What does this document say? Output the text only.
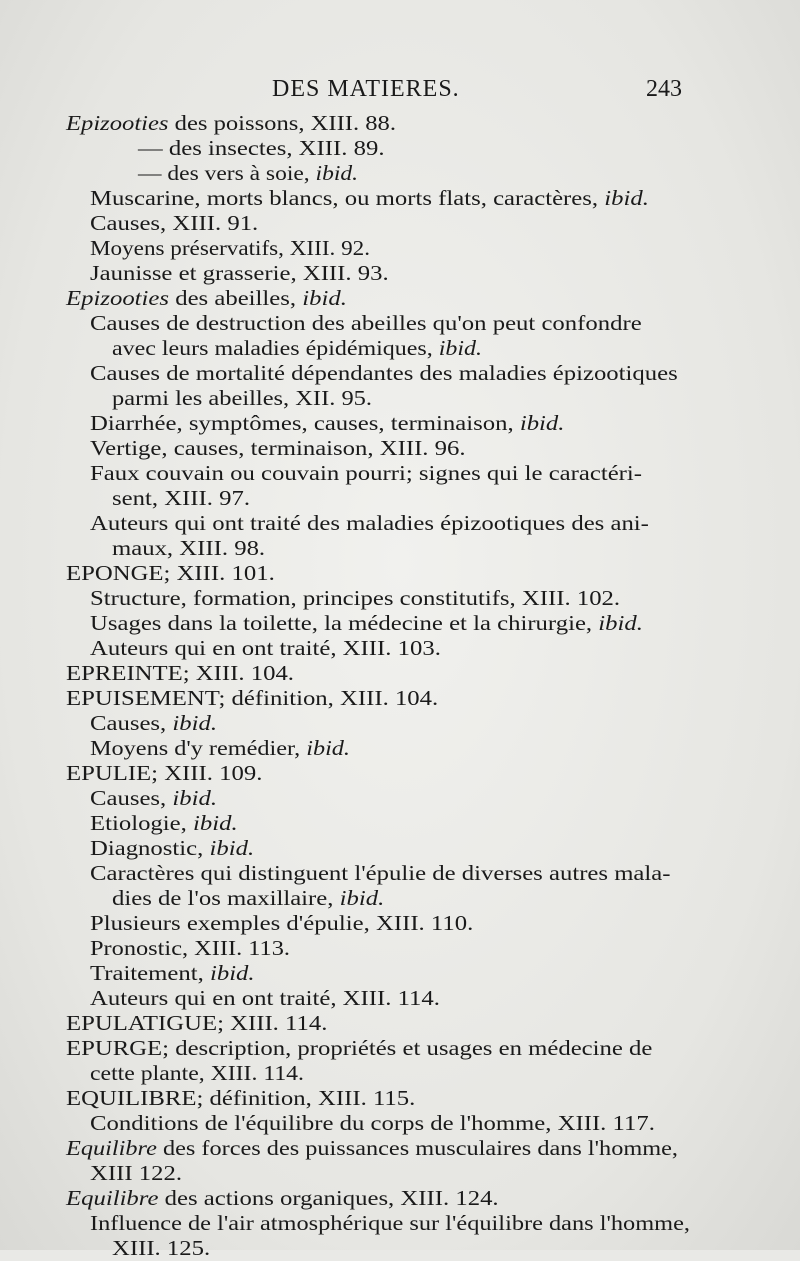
DES MATIERES.	243
Epizooties des poissons, XIII. 88.
— des insectes, XIII. 89.
— des vers à soie, ibid.
Muscarine, morts blancs, ou morts flats, caractères, ibid.
Causes, XIII. 91.
Moyens préservatifs, XIII. 92.
Jaunisse et grasserie, XIII. 93.
Epizooties des abeilles, ibid.
Causes de destruction des abeilles qu'on peut confondre
avec leurs maladies épidémiques, ibid.
Causes de mortalité dépendantes des maladies épizootiques
parmi les abeilles, XII. 95.
Diarrhée, symptômes, causes, terminaison, ibid.
Vertige, causes, terminaison, XIII. 96.
Faux couvain ou couvain pourri; signes qui le caractéri-
sent, XIII. 97.
Auteurs qui ont traité des maladies épizootiques des ani-
maux, XIII. 98.
EPONGE; XIII. 101.
Structure, formation, principes constitutifs, XIII. 102.
Usages dans la toilette, la médecine et la chirurgie, ibid.
Auteurs qui en ont traité, XIII. 103.
EPREINTE; XIII. 104.
EPUISEMENT; définition, XIII. 104.
Causes, ibid.
Moyens d'y remédier, ibid.
EPULIE; XIII. 109.
Causes, ibid.
Etiologie, ibid.
Diagnostic, ibid.
Caractères qui distinguent l'épulie de diverses autres mala-
dies de l'os maxillaire, ibid.
Plusieurs exemples d'épulie, XIII. 110.
Pronostic, XIII. 113.
Traitement, ibid.
Auteurs qui en ont traité, XIII. 114.
EPULATIGUE; XIII. 114.
EPURGE; description, propriétés et usages en médecine de
cette plante, XIII. 114.
EQUILIBRE; définition, XIII. 115.
Conditions de l'équilibre du corps de l'homme, XIII. 117.
Equilibre des forces des puissances musculaires dans l'homme,
XIII 122.
Equilibre des actions organiques, XIII. 124.
Influence de l'air atmosphérique sur l'équilibre dans l'homme,
XIII. 125.
